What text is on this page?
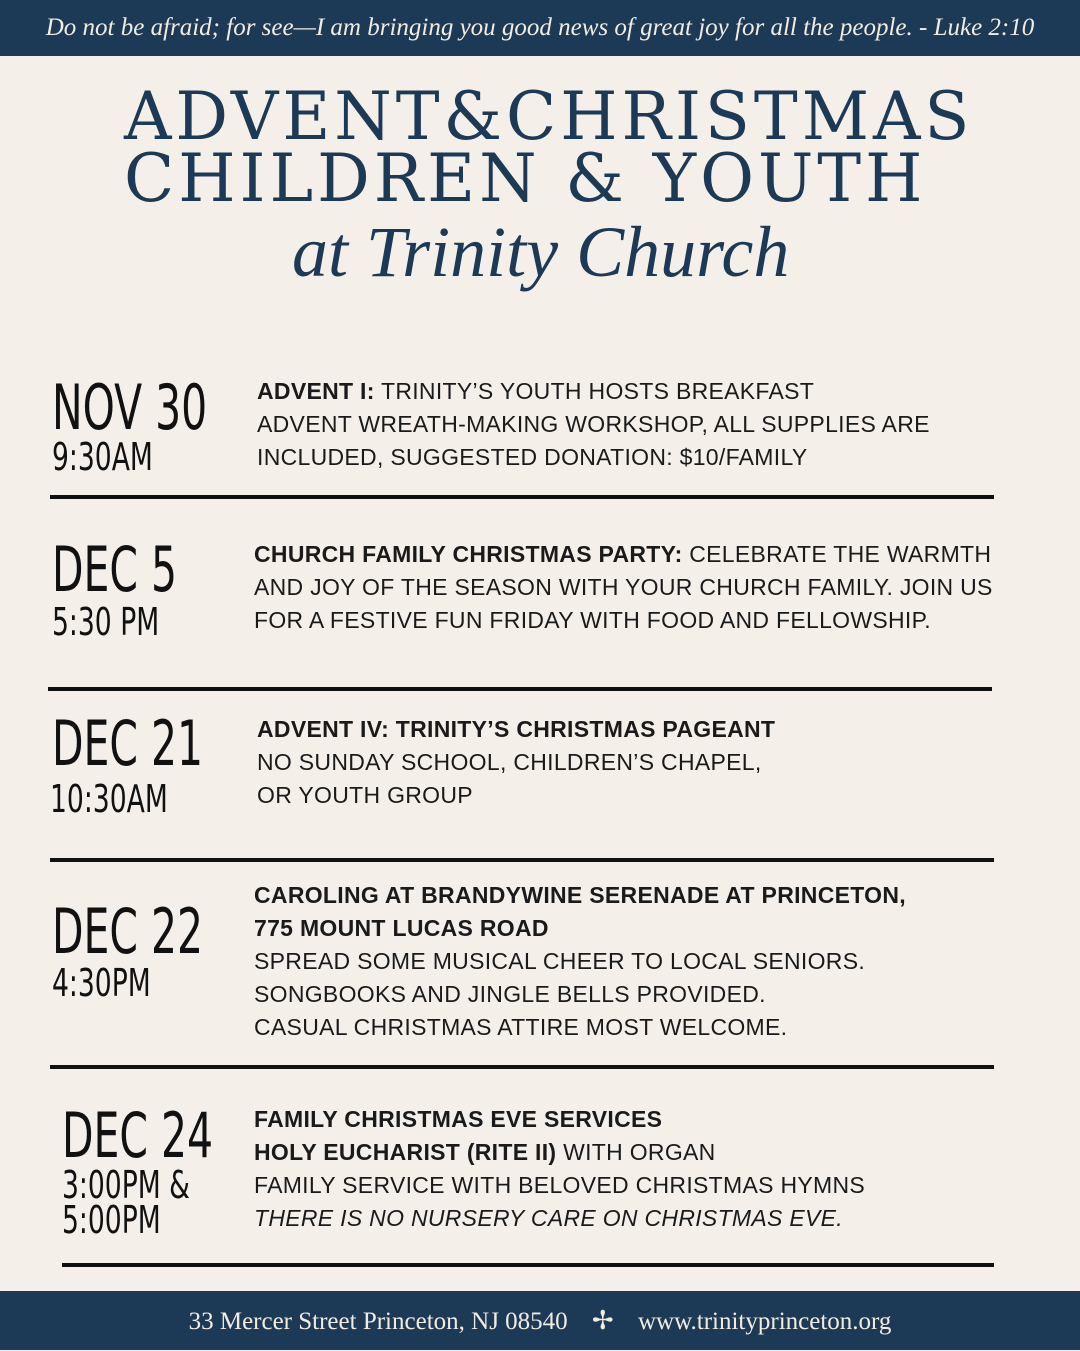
Do not be afraid; for see—I am bringing you good news of great joy for all the people. - Luke 2:10
ADVENT&CHRISTMAS
CHILDREN & YOUTH
at Trinity Church
NOV 30
9:30AM
ADVENT I: TRINITY’S YOUTH HOSTS BREAKFAST
ADVENT WREATH-MAKING WORKSHOP, ALL SUPPLIES ARE
INCLUDED, SUGGESTED DONATION: $10/FAMILY
DEC 5
5:30 PM
CHURCH FAMILY CHRISTMAS PARTY: CELEBRATE THE WARMTH
AND JOY OF THE SEASON WITH YOUR CHURCH FAMILY. JOIN US
FOR A FESTIVE FUN FRIDAY WITH FOOD AND FELLOWSHIP.
DEC 21
10:30AM
ADVENT IV: TRINITY’S CHRISTMAS PAGEANT
NO SUNDAY SCHOOL, CHILDREN’S CHAPEL,
OR YOUTH GROUP
DEC 22
4:30PM
CAROLING AT BRANDYWINE SERENADE AT PRINCETON,
775 MOUNT LUCAS ROAD
SPREAD SOME MUSICAL CHEER TO LOCAL SENIORS.
SONGBOOKS AND JINGLE BELLS PROVIDED.
CASUAL CHRISTMAS ATTIRE MOST WELCOME.
DEC 24
3:00PM &
5:00PM
FAMILY CHRISTMAS EVE SERVICES
HOLY EUCHARIST (RITE II) WITH ORGAN
FAMILY SERVICE WITH BELOVED CHRISTMAS HYMNS
THERE IS NO NURSERY CARE ON CHRISTMAS EVE.
33 Mercer Street Princeton, NJ 08540 ✢ www.trinityprinceton.org
